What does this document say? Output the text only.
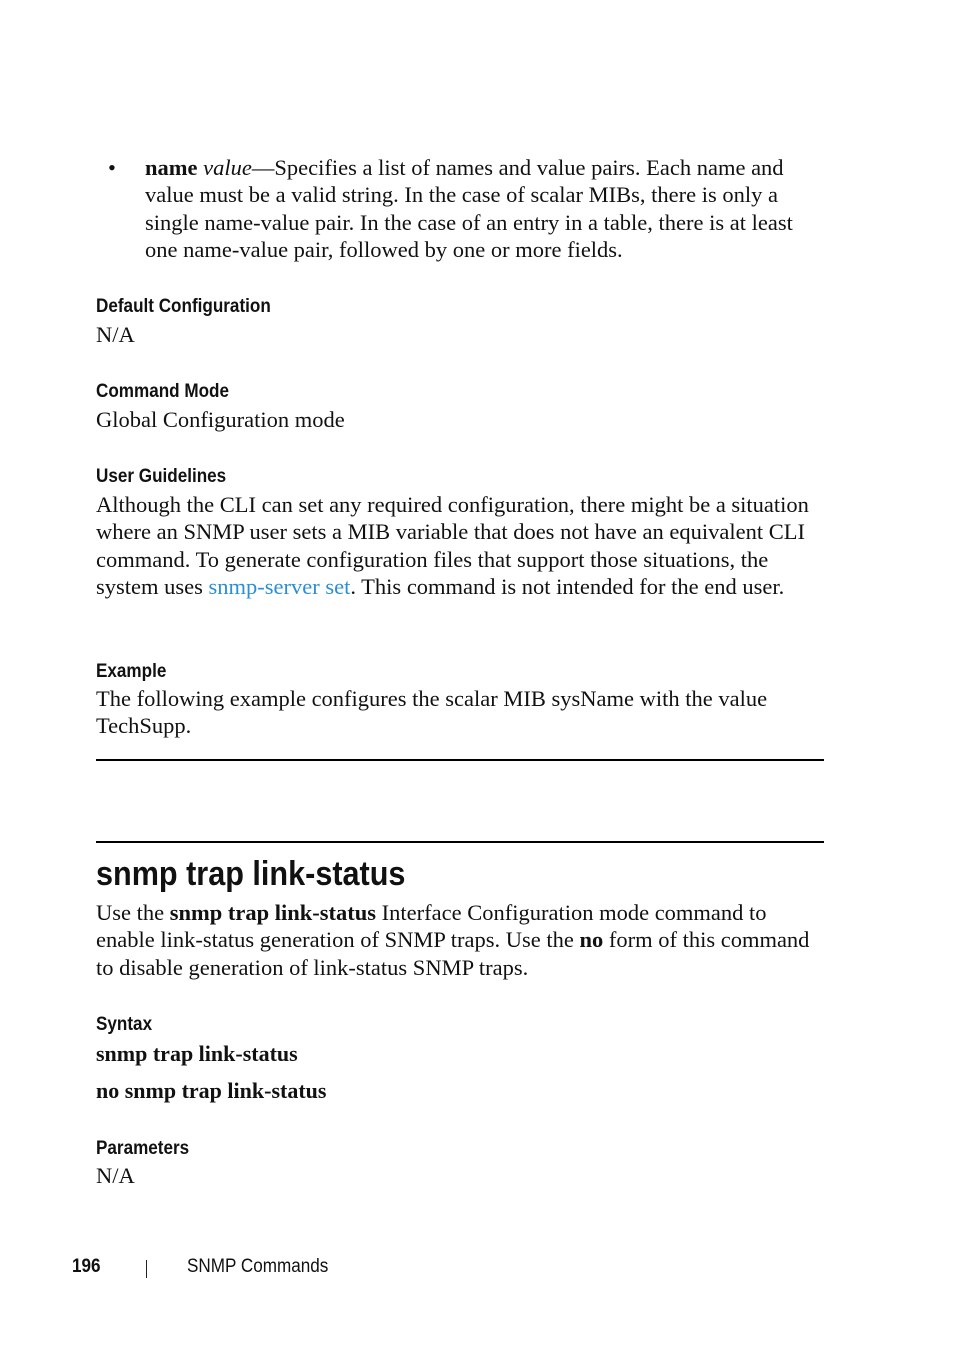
• name value—Specifies a list of names and value pairs. Each name and value must be a valid string. In the case of scalar MIBs, there is only a single name-value pair. In the case of an entry in a table, there is at least one name-value pair, followed by one or more fields.
Default Configuration
N/A
Command Mode
Global Configuration mode
User Guidelines
Although the CLI can set any required configuration, there might be a situation where an SNMP user sets a MIB variable that does not have an equivalent CLI command. To generate configuration files that support those situations, the system uses snmp-server set. This command is not intended for the end user.
Example
The following example configures the scalar MIB sysName with the value TechSupp.
snmp trap link-status
Use the snmp trap link-status Interface Configuration mode command to enable link-status generation of SNMP traps. Use the no form of this command to disable generation of link-status SNMP traps.
Syntax
snmp trap link-status
no snmp trap link-status
Parameters
N/A
196	SNMP Commands
